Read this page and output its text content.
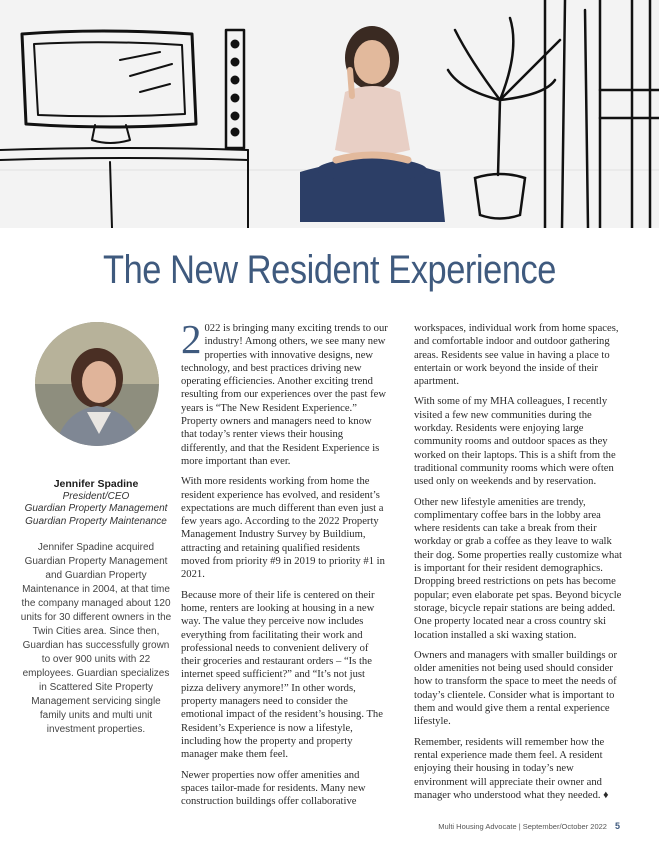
The New Resident Experience
Jennifer Spadine
President/CEO
Guardian Property Management
Guardian Property Maintenance
Jennifer Spadine acquired Guardian Property Management and Guardian Property Maintenance in 2004, at that time the company managed about 120 units for 30 different owners in the Twin Cities area. Since then, Guardian has successfully grown to over 900 units with 22 employees. Guardian specializes in Scattered Site Property Management servicing single family units and multi unit investment properties.

2 022 is bringing many exciting trends to our industry! Among others, we see many new properties with innovative designs, new technology, and best practices driving new operating efficiencies. Another exciting trend resulting from our experiences over the past few years is “The New Resident Experience.” Property owners and managers need to know that today’s renter views their housing differently, and that the Resident Experience is more important than ever.

With more residents working from home the resident experience has evolved, and resident’s expectations are much different than even just a few years ago. According to the 2022 Property Management Industry Survey by Buildium, attracting and retaining qualified residents moved from priority #9 in 2019 to priority #1 in 2021.

Because more of their life is centered on their home, renters are looking at housing in a new way. The value they perceive now includes everything from facilitating their work and professional needs to convenient delivery of their groceries and restaurant orders – “Is the internet speed sufficient?” and “It’s not just pizza delivery anymore!” In other words, property managers need to consider the emotional impact of the resident’s housing. The Resident’s Experience is now a lifestyle, including how the property and property manager make them feel.

Newer properties now offer amenities and spaces tailor-made for residents. Many new construction buildings offer collaborative

workspaces, individual work from home spaces, and comfortable indoor and outdoor gathering areas. Residents see value in having a place to entertain or work beyond the inside of their apartment.

With some of my MHA colleagues, I recently visited a few new communities during the workday. Residents were enjoying large community rooms and outdoor spaces as they worked on their laptops. This is a shift from the traditional community rooms which were often used only on weekends and by reservation.

Other new lifestyle amenities are trendy, complimentary coffee bars in the lobby area where residents can take a break from their workday or grab a coffee as they leave to walk their dog. Some properties really customize what is important for their resident demographics. Dropping breed restrictions on pets has become popular; even elaborate pet spas. Beyond bicycle storage, bicycle repair stations are being added. One property located near a cross country ski location installed a ski waxing station.

Owners and managers with smaller buildings or older amenities not being used should consider how to transform the space to meet the needs of today’s clientele. Consider what is important to them and would give them a rental experience lifestyle.

Remember, residents will remember how the rental experience made them feel. A resident enjoying their housing in today’s new environment will appreciate their owner and manager who understood what they needed. ♦

Multi Housing Advocate | September/October 2022 5
